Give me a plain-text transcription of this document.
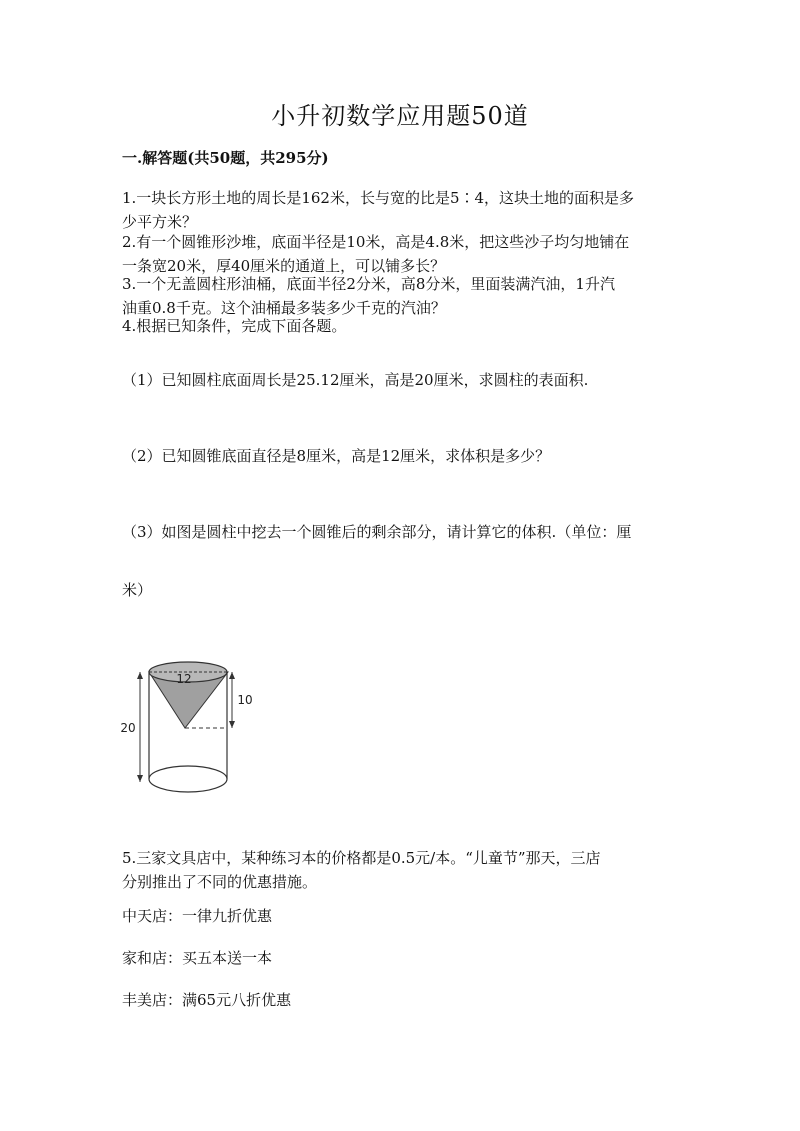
小升初数学应用题50道
一.解答题(共50题，共295分)
1.一块长方形土地的周长是162米，长与宽的比是5∶4，这块土地的面积是多
少平方米？
2.有一个圆锥形沙堆，底面半径是10米，高是4.8米，把这些沙子均匀地铺在
一条宽20米，厚40厘米的通道上，可以铺多长？
3.一个无盖圆柱形油桶，底面半径2分米，高8分米，里面装满汽油，1升汽
油重0.8千克。这个油桶最多装多少千克的汽油？
4.根据已知条件，完成下面各题。
（1）已知圆柱底面周长是25.12厘米，高是20厘米，求圆柱的表面积.
（2）已知圆锥底面直径是8厘米，高是12厘米，求体积是多少？
（3）如图是圆柱中挖去一个圆锥后的剩余部分，请计算它的体积.（单位：厘
米）
12
10
20
5.三家文具店中，某种练习本的价格都是0.5元/本。“儿童节”那天，三店
分别推出了不同的优惠措施。
中天店：一律九折优惠
家和店：买五本送一本
丰美店：满65元八折优惠
